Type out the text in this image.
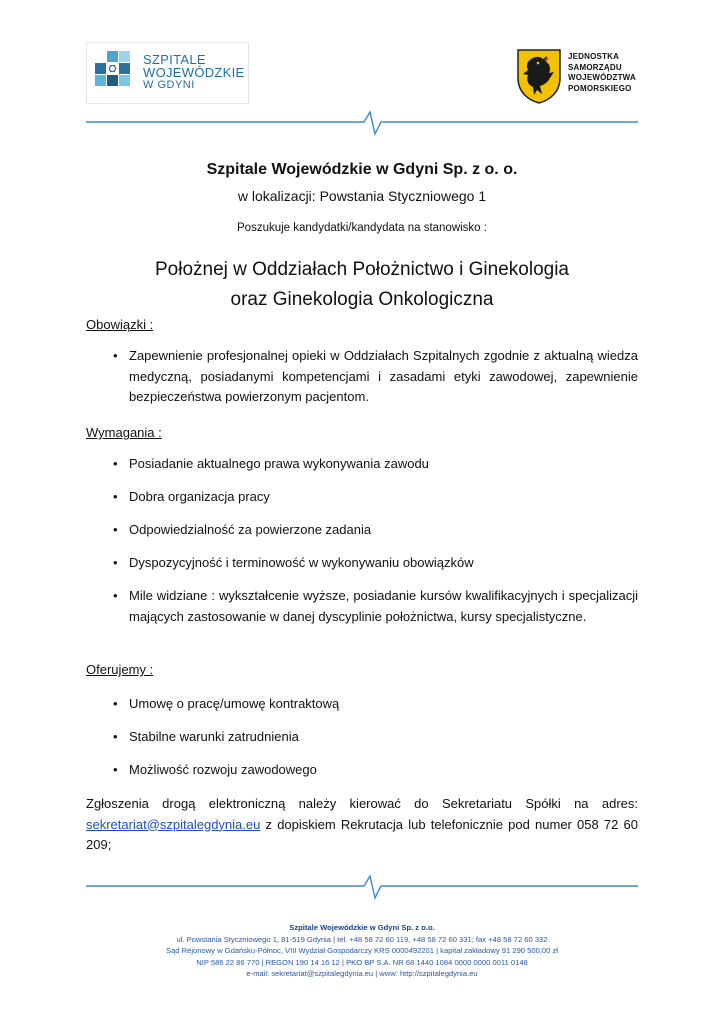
SZPITALE
WOJEWÓDZKIE
W GDYNI
JEDNOSTKA
SAMORZĄDU
WOJEWÓDZTWA
POMORSKIEGO
Szpitale Wojewódzkie w Gdyni Sp. z o. o.
w lokalizacji: Powstania Styczniowego 1
Poszukuje kandydatki/kandydata na stanowisko :
Położnej w Oddziałach Położnictwo i Ginekologia
oraz Ginekologia Onkologiczna
Obowiązki :
• Zapewnienie profesjonalnej opieki w Oddziałach Szpitalnych zgodnie z aktualną wiedza medyczną, posiadanymi kompetencjami i zasadami etyki zawodowej, zapewnienie bezpieczeństwa powierzonym pacjentom.
Wymagania :
• Posiadanie aktualnego prawa wykonywania zawodu
• Dobra organizacja pracy
• Odpowiedzialność za powierzone zadania
• Dyspozycyjność i terminowość w wykonywaniu obowiązków
• Mile widziane : wykształcenie wyższe, posiadanie kursów kwalifikacyjnych i specjalizacji mających zastosowanie w danej dyscyplinie położnictwa, kursy specjalistyczne.
Oferujemy :
• Umowę o pracę/umowę kontraktową
• Stabilne warunki zatrudnienia
• Możliwość rozwoju zawodowego
Zgłoszenia drogą elektroniczną należy kierować do Sekretariatu Spółki na adres: sekretariat@szpitalegdynia.eu z dopiskiem Rekrutacja lub telefonicznie pod numer 058 72 60 209;
Szpitale Wojewódzkie w Gdyni Sp. z o.o.
ul. Powstania Styczniowego 1, 81-519 Gdynia | tel. +48 58 72 60 119, +48 58 72 60 331; fax +48 58 72 60 332
Sąd Rejonowy w Gdańsku-Północ, VIII Wydział Gospodarczy KRS 0000492201 | kapitał zakładowy 91 290 500,00 zł
NIP 586 22 86 770 | REGON 190 14 16 12 | PKO BP S.A. NR 68 1440 1084 0000 0000 0011 0148
e-mail: sekretariat@szpitalegdynia.eu | www: http://szpitalegdynia.eu
